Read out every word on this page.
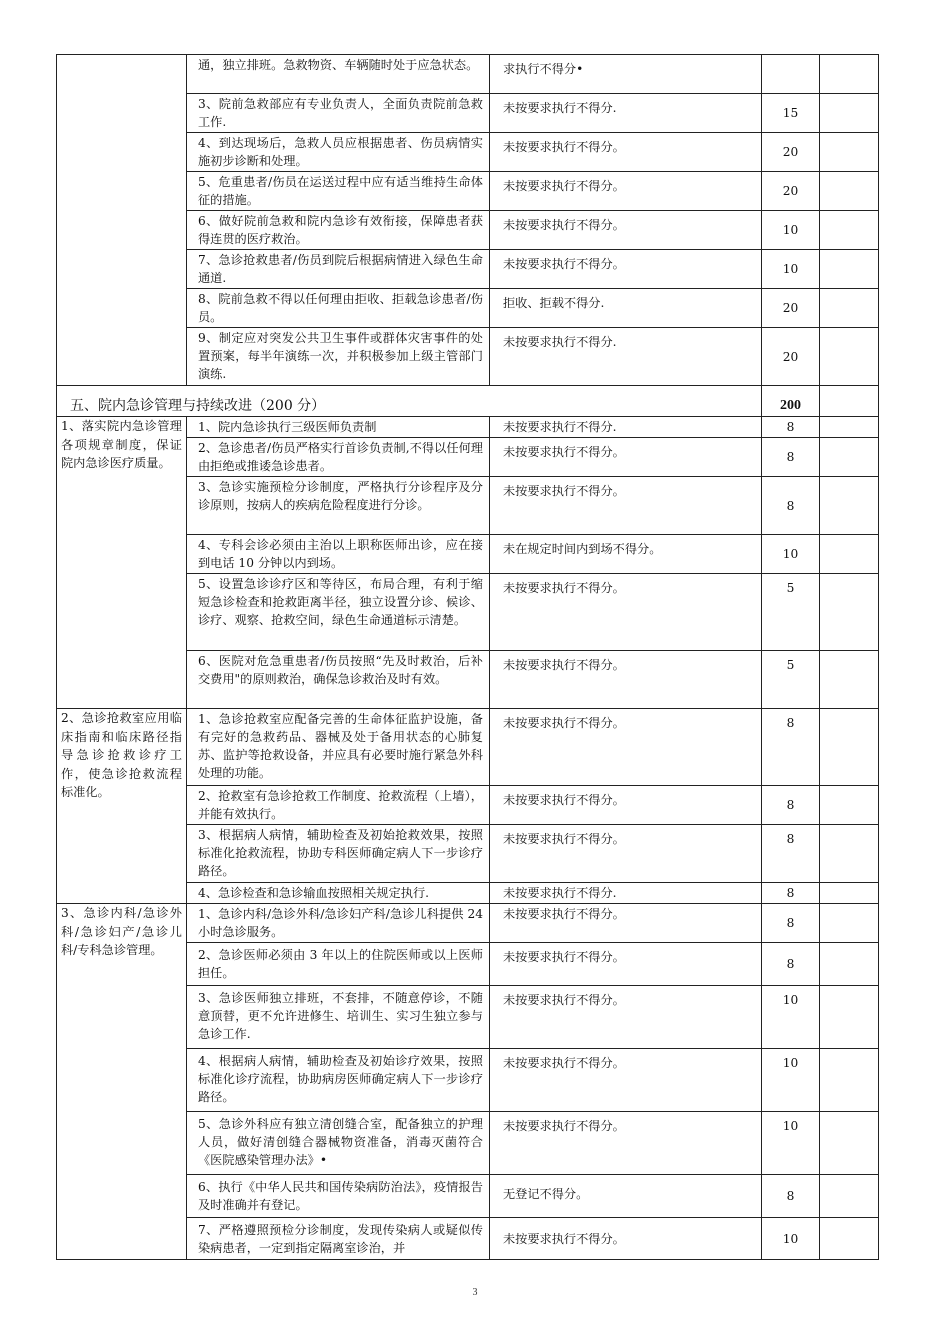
	通，独立排班。急救物资、车辆随时处于应急状态。	求执行不得分•		
	3、院前急救部应有专业负责人，全面负责院前急救工作.	未按要求执行不得分.	15	
	4、到达现场后，急救人员应根据患者、伤员病情实施初步诊断和处理。	未按要求执行不得分。	20	
	5、危重患者/伤员在运送过程中应有适当维持生命体征的措施。	未按要求执行不得分。	20	
	6、做好院前急救和院内急诊有效衔接，保障患者获得连贯的医疗救治。	未按要求执行不得分。	10	
	7、急诊抢救患者/伤员到院后根据病情进入绿色生命通道.	未按要求执行不得分。	10	
	8、院前急救不得以任何理由拒收、拒载急诊患者/伤员。	拒收、拒载不得分.	20	
	9、制定应对突发公共卫生事件或群体灾害事件的处置预案，每半年演练一次，并积极参加上级主管部门演练.	未按要求执行不得分.	20	
五、院内急诊管理与持续改进（200 分）			200	
1、落实院内急诊管理各项规章制度，保证院内急诊医疗质量。	1、院内急诊执行三级医师负责制	未按要求执行不得分.	8	
	2、急诊患者/伤员严格实行首诊负责制,不得以任何理由拒绝或推诿急诊患者。	未按要求执行不得分。	8	
	3、急诊实施预检分诊制度，严格执行分诊程序及分诊原则，按病人的疾病危险程度进行分诊。	未按要求执行不得分。	8	
	4、专科会诊必须由主治以上职称医师出诊，应在接到电话 10 分钟以内到场。	未在规定时间内到场不得分。	10	
	5、设置急诊诊疗区和等待区，布局合理，有利于缩短急诊检查和抢救距离半径，独立设置分诊、候诊、诊疗、观察、抢救空间，绿色生命通道标示清楚。	未按要求执行不得分。	5	
	6、医院对危急重患者/伤员按照“先及时救治，后补交费用"的原则救治，确保急诊救治及时有效。	未按要求执行不得分。	5	
2、急诊抢救室应用临床指南和临床路径指导急诊抢救诊疗工作，使急诊抢救流程标准化。	1、急诊抢救室应配备完善的生命体征监护设施，备有完好的急救药品、器械及处于备用状态的心肺复苏、监护等抢救设备，并应具有必要时施行紧急外科处理的功能。	未按要求执行不得分。	8	
	2、抢救室有急诊抢救工作制度、抢救流程（上墙），并能有效执行。	未按要求执行不得分。	8	
	3、根据病人病情，辅助检查及初始抢救效果，按照标准化抢救流程，协助专科医师确定病人下一步诊疗路径。	未按要求执行不得分。	8	
	4、急诊检查和急诊输血按照相关规定执行.	未按要求执行不得分.	8	
3、急诊内科/急诊外科/急诊妇产/急诊儿科/专科急诊管理。	1、急诊内科/急诊外科/急诊妇产科/急诊儿科提供 24 小时急诊服务。	未按要求执行不得分。	8	
	2、急诊医师必须由 3 年以上的住院医师或以上医师担任。	未按要求执行不得分。	8	
	3、急诊医师独立排班，不套排，不随意停诊，不随意顶替，更不允许进修生、培训生、实习生独立参与急诊工作.	未按要求执行不得分。	10	
	4、根据病人病情，辅助检查及初始诊疗效果，按照标准化诊疗流程，协助病房医师确定病人下一步诊疗路径。	未按要求执行不得分。	10	
	5、急诊外科应有独立清创缝合室，配备独立的护理人员，做好清创缝合器械物资准备，消毒灭菌符合《医院感染管理办法》•	未按要求执行不得分。	10	
	6、执行《中华人民共和国传染病防治法》，疫情报告及时准确并有登记。	无登记不得分。	8	
	7、严格遵照预检分诊制度，发现传染病人或疑似传染病患者，一定到指定隔离室诊治，并	未按要求执行不得分。	10	
3
